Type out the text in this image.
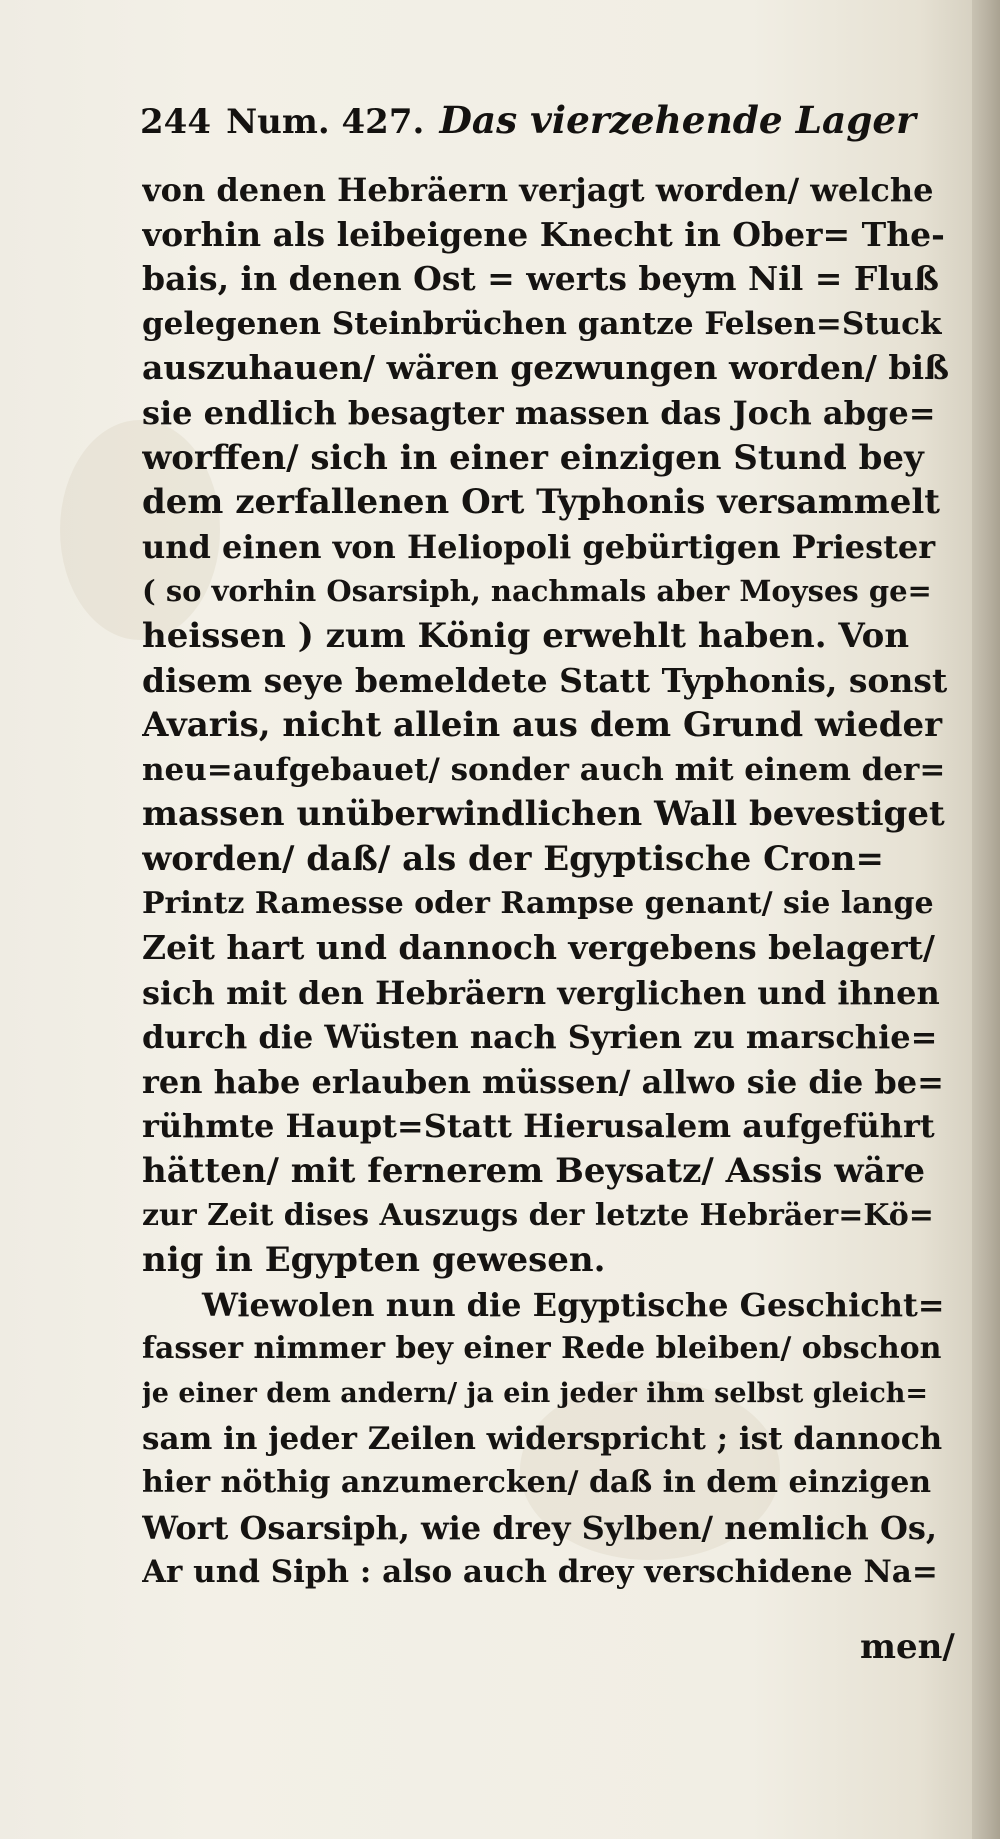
244 Num. 427. Das vierzehende Lager
von denen Hebräern verjagt worden/ welche
vorhin als leibeigene Knecht in Ober= The-
bais, in denen Ost = werts beym Nil = Fluß
gelegenen Steinbrüchen gantze Felsen=Stuck
auszuhauen/ wären gezwungen worden/ biß
sie endlich besagter massen das Joch abge=
worffen/ sich in einer einzigen Stund bey
dem zerfallenen Ort Typhonis versammelt
und einen von Heliopoli gebürtigen Priester
( so vorhin Osarsiph, nachmals aber Moyses ge=
heissen ) zum König erwehlt haben. Von
disem seye bemeldete Statt Typhonis, sonst
Avaris, nicht allein aus dem Grund wieder
neu=aufgebauet/ sonder auch mit einem der=
massen unüberwindlichen Wall bevestiget
worden/ daß/ als der Egyptische Cron=
Printz Ramesse oder Rampse genant/ sie lange
Zeit hart und dannoch vergebens belagert/
sich mit den Hebräern verglichen und ihnen
durch die Wüsten nach Syrien zu marschie=
ren habe erlauben müssen/ allwo sie die be=
rühmte Haupt=Statt Hierusalem aufgeführt
hätten/ mit fernerem Beysatz/ Assis wäre
zur Zeit dises Auszugs der letzte Hebräer=Kö=
nig in Egypten gewesen.
Wiewolen nun die Egyptische Geschicht=
fasser nimmer bey einer Rede bleiben/ obschon
je einer dem andern/ ja ein jeder ihm selbst gleich=
sam in jeder Zeilen widerspricht ; ist dannoch
hier nöthig anzumercken/ daß in dem einzigen
Wort Osarsiph, wie drey Sylben/ nemlich Os,
Ar und Siph : also auch drey verschidene Na=
men/
